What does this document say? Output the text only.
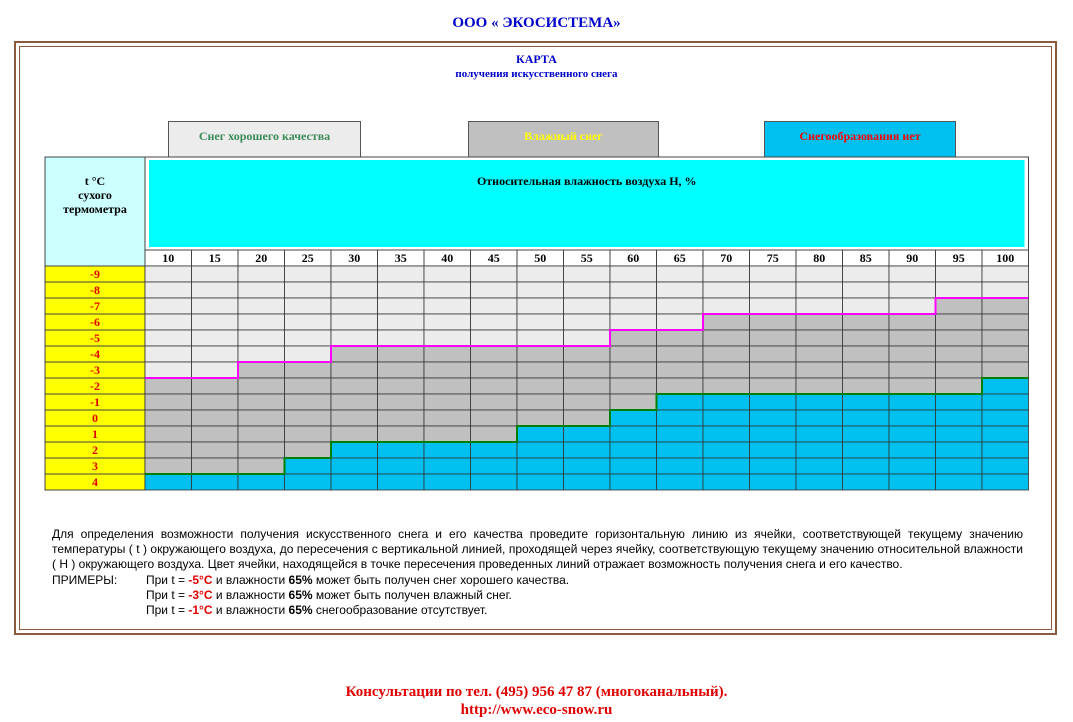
ООО « ЭКОСИСТЕМА»
КАРТА
получения искусственного снега
Снег хорошего качества	Влажный снег	Снегообразования нет
t °C
сухого
термометра
Относительная влажность воздуха Н, %
10	15	20	25	30	35	40	45	50	55	60	65	70	75	80	85	90	95	100
-9
-8
-7
-6
-5
-4
-3
-2
-1
0
1
2
3
4
Для определения возможности получения искусственного снега и его качества проведите горизонтальную линию из ячейки, соответствующей текущему значению температуры ( t ) окружающего воздуха, до пересечения с вертикальной линией, проходящей через ячейку, соответствующую текущему значению относительной влажности ( Н ) окружающего воздуха. Цвет ячейки, находящейся в точке пересечения проведенных линий отражает возможность получения снега и его качество.
ПРИМЕРЫ: При t = -5°С и влажности 65% может быть получен снег хорошего качества.
При t = -3°С и влажности 65% может быть получен влажный снег.
При t = -1°С и влажности 65% снегообразование отсутствует.
Консультации по тел. (495) 956 47 87 (многоканальный).
http://www.eco-snow.ru
